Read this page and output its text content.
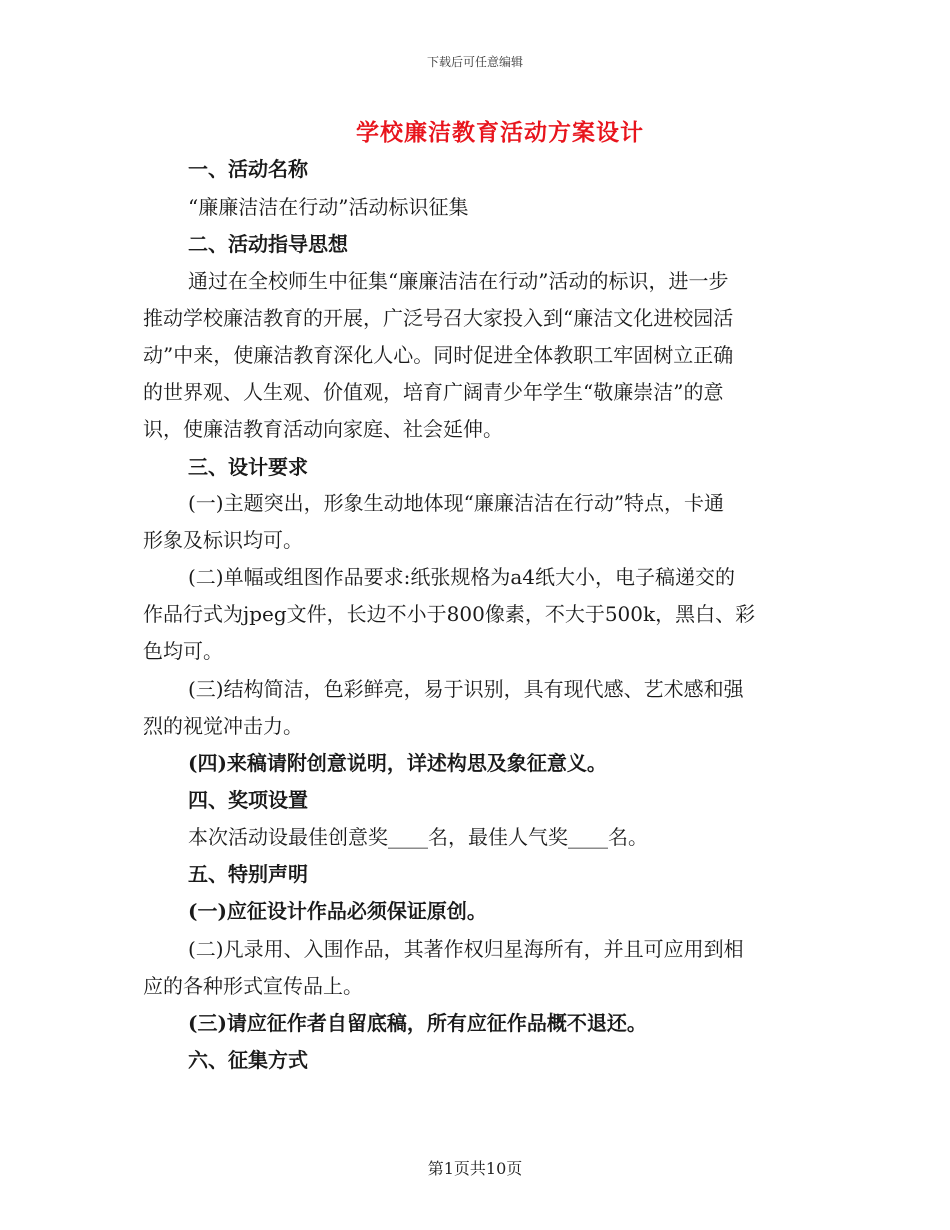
下载后可任意编辑
学校廉洁教育活动方案设计
一、活动名称
“廉廉洁洁在行动”活动标识征集
二、活动指导思想
通过在全校师生中征集“廉廉洁洁在行动”活动的标识，进一步
推动学校廉洁教育的开展，广泛号召大家投入到“廉洁文化进校园活
动”中来，使廉洁教育深化人心。同时促进全体教职工牢固树立正确
的世界观、人生观、价值观，培育广阔青少年学生“敬廉崇洁”的意
识，使廉洁教育活动向家庭、社会延伸。
三、设计要求
(一)主题突出，形象生动地体现“廉廉洁洁在行动”特点，卡通
形象及标识均可。
(二)单幅或组图作品要求:纸张规格为a4纸大小，电子稿递交的
作品行式为jpeg文件，长边不小于800像素，不大于500k，黑白、彩
色均可。
(三)结构简洁，色彩鲜亮，易于识别，具有现代感、艺术感和强
烈的视觉冲击力。
(四)来稿请附创意说明，详述构思及象征意义。
四、奖项设置
本次活动设最佳创意奖____名，最佳人气奖____名。
五、特别声明
(一)应征设计作品必须保证原创。
(二)凡录用、入围作品，其著作权归星海所有，并且可应用到相
应的各种形式宣传品上。
(三)请应征作者自留底稿，所有应征作品概不退还。
六、征集方式
第1页共10页
